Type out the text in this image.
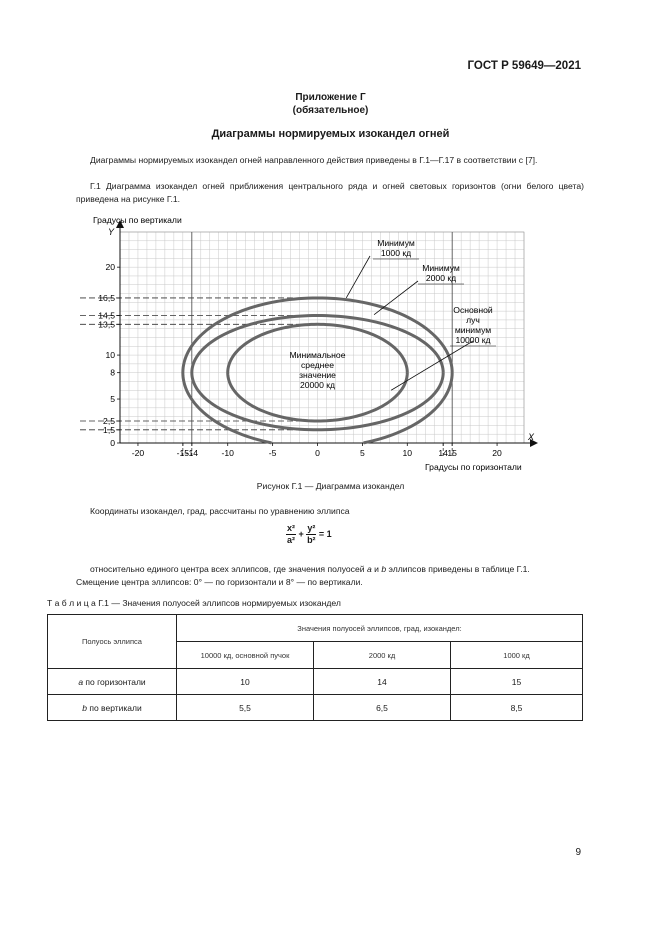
ГОСТ Р 59649—2021
Приложение Г
(обязательное)
Диаграммы нормируемых изокандел огней
Диаграммы нормируемых изокандел огней направленного действия приведены в Г.1—Г.17 в соответствии с [7].
Г.1 Диаграмма изокандел огней приближения центрального ряда и огней световых горизонтов (огни белого цвета) приведена на рисунке Г.1.
X
Y
Градусы по вертикали
Градусы по горизонтали
-20	-15
-14	-10	-5	0	5	10	14 15	20
0
1,5
2,5
5
8
10
13,5
14,5
16,5
20
Минимальное
среднее
значение
20000 кд
Основной
луч
минимум
10000 кд
Минимум
2000 кд
Минимум
1000 кд
Рисунок Г.1 — Диаграмма изокандел
Координаты изокандел, град, рассчитаны по уравнению эллипса
$\frac{\text{x²}}{\text{a²}} + \frac{\text{y²}}{\text{b²}} = 1$
относительно единого центра всех эллипсов, где значения полуосей a и b эллипсов приведены в таблице Г.1.
Смещение центра эллипсов: 0° — по горизонтали и 8° — по вертикали.
Т а б л и ц а Г.1 — Значения полуосей эллипсов нормируемых изокандел
Полуось эллипса	Значения полуосей эллипсов, град, изокандел:		
	10000 кд, основной пучок	2000 кд	1000 кд
a по горизонтали	10	14	15
b по вертикали	5,5	6,5	8,5
9
